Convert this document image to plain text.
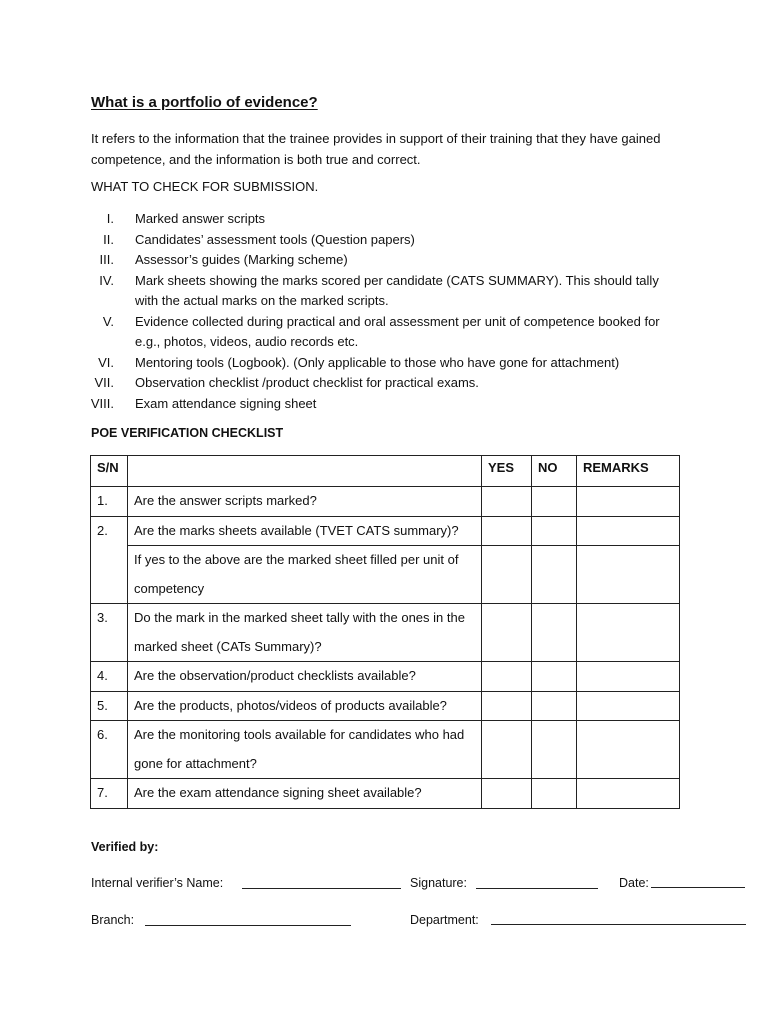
What is a portfolio of evidence?
It refers to the information that the trainee provides in support of their training that they have gained competence, and the information is both true and correct.
WHAT TO CHECK FOR SUBMISSION.
I. Marked answer scripts
II. Candidates’ assessment tools (Question papers)
III. Assessor’s guides (Marking scheme)
IV. Mark sheets showing the marks scored per candidate (CATS SUMMARY). This should tally with the actual marks on the marked scripts.
V. Evidence collected during practical and oral assessment per unit of competence booked for e.g., photos, videos, audio records etc.
VI. Mentoring tools (Logbook). (Only applicable to those who have gone for attachment)
VII. Observation checklist /product checklist for practical exams.
VIII. Exam attendance signing sheet
POE VERIFICATION CHECKLIST
S/N		YES	NO	REMARKS
1.	Are the answer scripts marked?			
2.	Are the marks sheets available (TVET CATS summary)?			
	If yes to the above are the marked sheet filled per unit of competency			
3.	Do the mark in the marked sheet tally with the ones in the marked sheet (CATs Summary)?			
4.	Are the observation/product checklists available?			
5.	Are the products, photos/videos of products available?			
6.	Are the monitoring tools available for candidates who had gone for attachment?			
7.	Are the exam attendance signing sheet available?			
Verified by:
Internal verifier’s Name:	Signature:	Date:
Branch:	Department:
